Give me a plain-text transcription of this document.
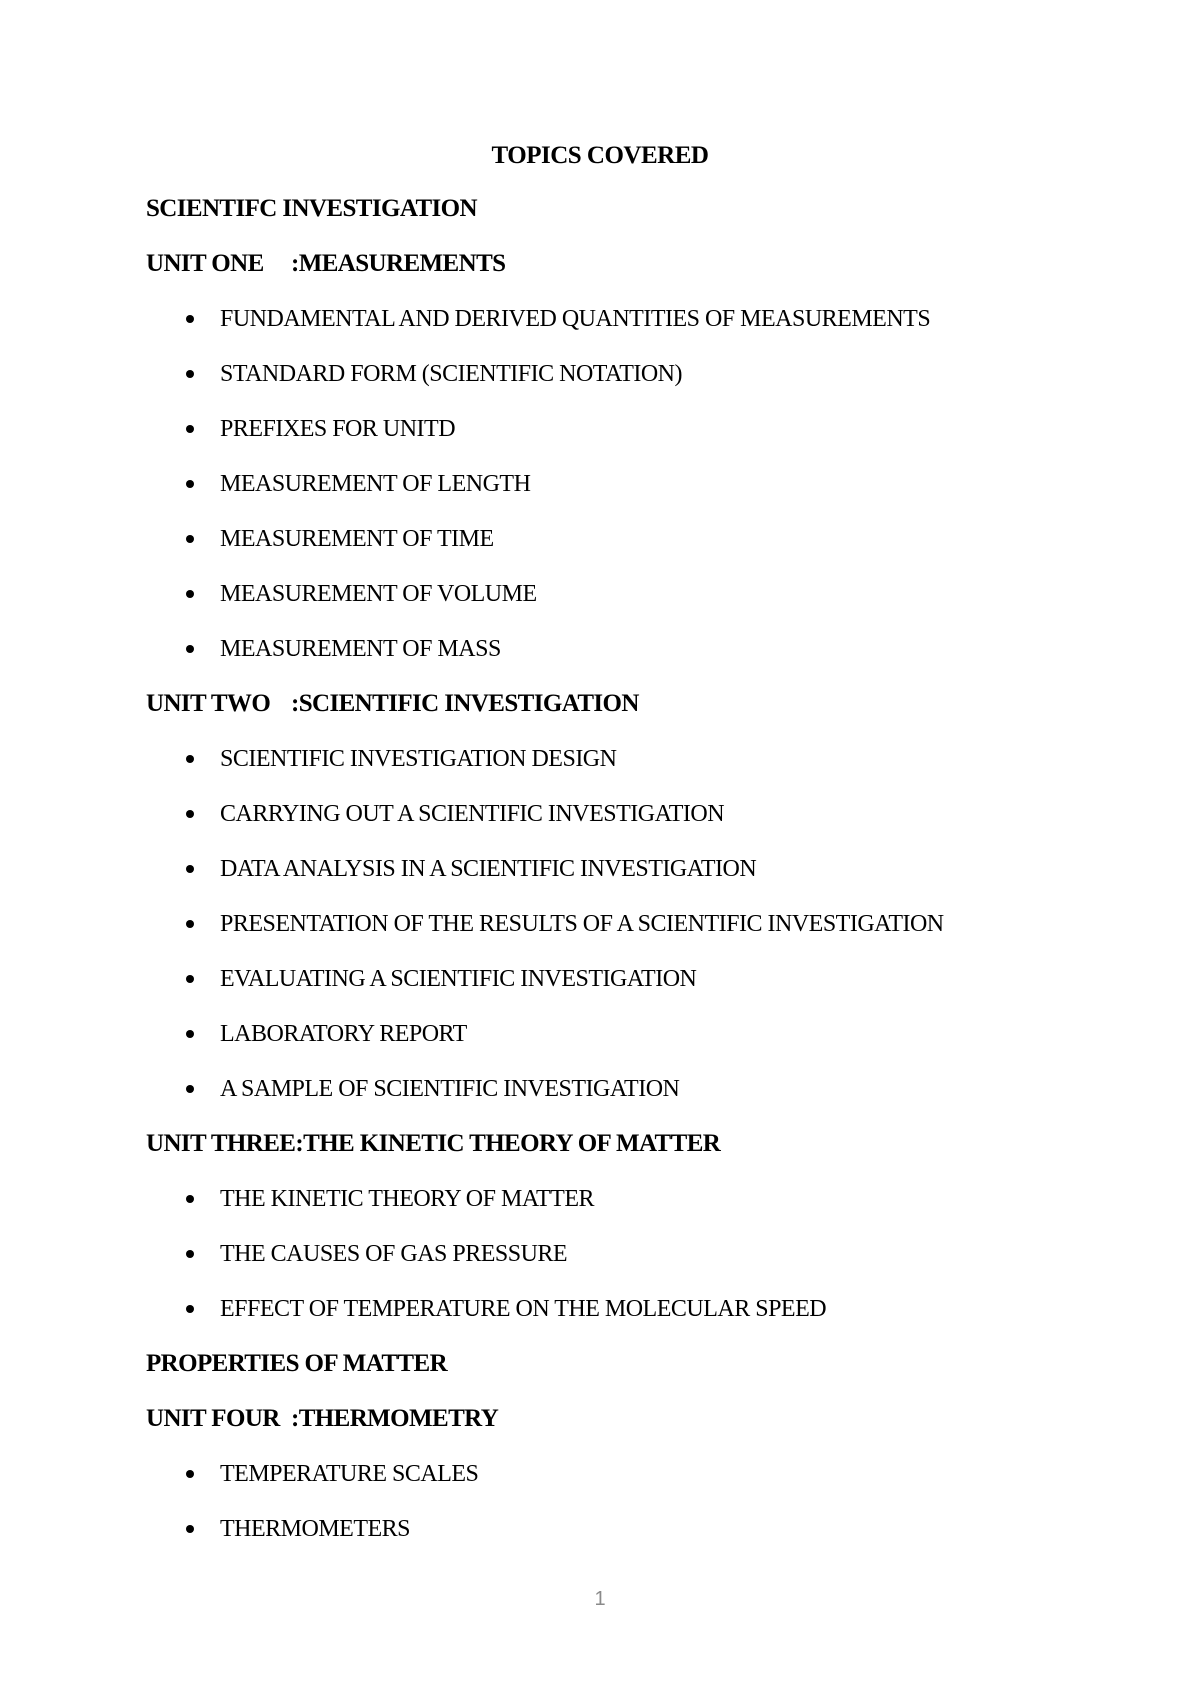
TOPICS COVERED
SCIENTIFC INVESTIGATION
UNIT ONE :MEASUREMENTS
FUNDAMENTAL AND DERIVED QUANTITIES OF MEASUREMENTS
STANDARD FORM (SCIENTIFIC NOTATION)
PREFIXES FOR UNITD
MEASUREMENT OF LENGTH
MEASUREMENT OF TIME
MEASUREMENT OF VOLUME
MEASUREMENT OF MASS
UNIT TWO :SCIENTIFIC INVESTIGATION
SCIENTIFIC INVESTIGATION DESIGN
CARRYING OUT A SCIENTIFIC INVESTIGATION
DATA ANALYSIS IN A SCIENTIFIC INVESTIGATION
PRESENTATION OF THE RESULTS OF A SCIENTIFIC INVESTIGATION
EVALUATING A SCIENTIFIC INVESTIGATION
LABORATORY REPORT
A SAMPLE OF SCIENTIFIC INVESTIGATION
UNIT THREE:THE KINETIC THEORY OF MATTER
THE KINETIC THEORY OF MATTER
THE CAUSES OF GAS PRESSURE
EFFECT OF TEMPERATURE ON THE MOLECULAR SPEED
PROPERTIES OF MATTER
UNIT FOUR :THERMOMETRY
TEMPERATURE SCALES
THERMOMETERS
1
